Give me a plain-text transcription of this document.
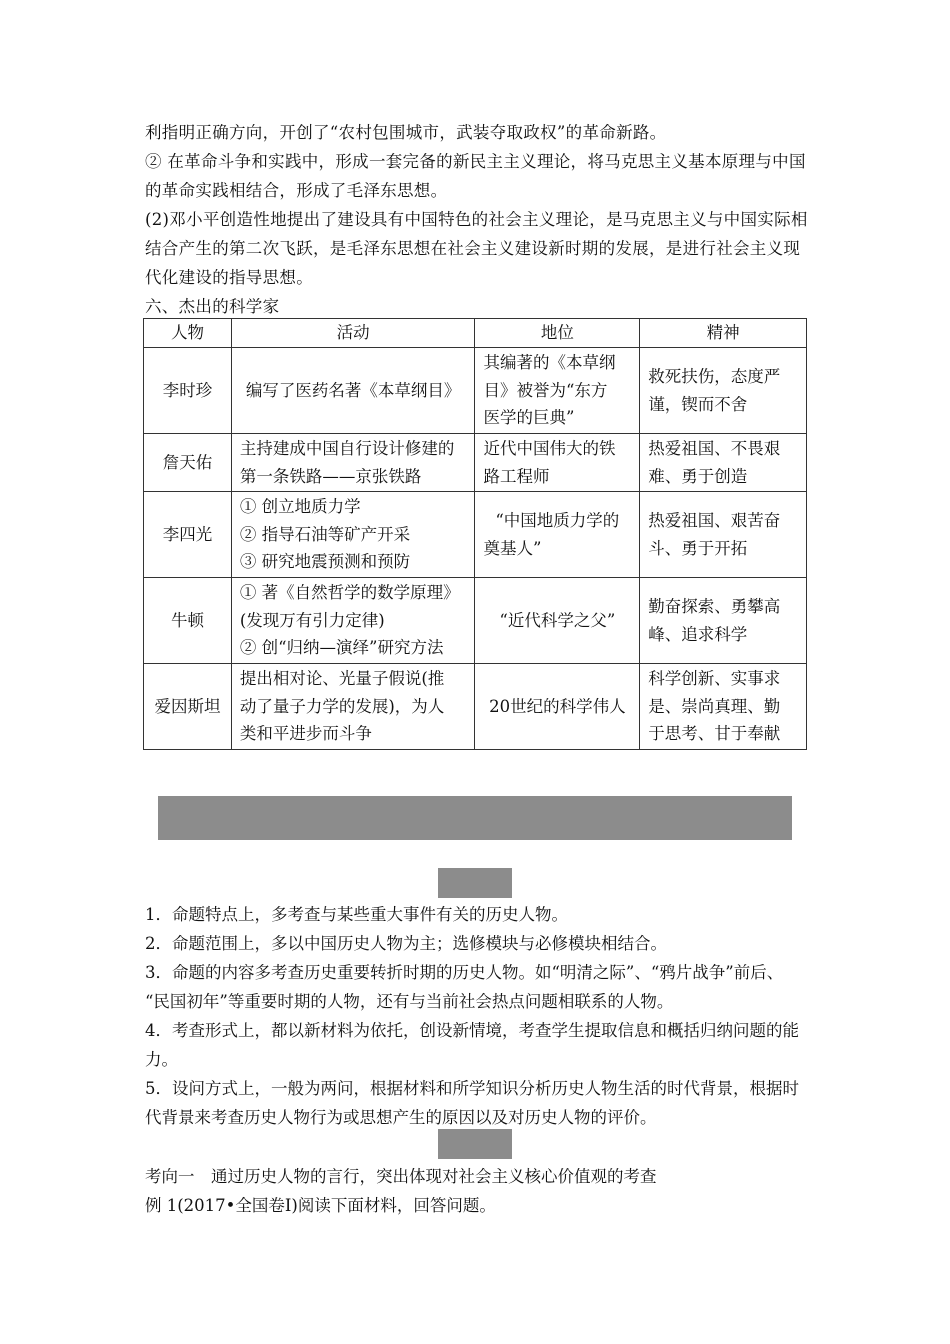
利指明正确方向，开创了“农村包围城市，武装夺取政权”的革命新路。
② 在革命斗争和实践中，形成一套完备的新民主主义理论，将马克思主义基本原理与中国
的革命实践相结合，形成了毛泽东思想。
(2)邓小平创造性地提出了建设具有中国特色的社会主义理论，是马克思主义与中国实际相
结合产生的第二次飞跃，是毛泽东思想在社会主义建设新时期的发展，是进行社会主义现
代化建设的指导思想。
六、杰出的科学家
人物	活动	地位	精神
李时珍	编写了医药名著《本草纲目》	其编著的《本草纲
目》被誉为“东方
医学的巨典”	救死扶伤，态度严
谨，锲而不舍

詹天佑	主持建成中国自行设计修建的
第一条铁路——京张铁路	近代中国伟大的铁
路工程师	热爱祖国、不畏艰
难、勇于创造

李四光	① 创立地质力学
② 指导石油等矿产开采
③ 研究地震预测和预防	“中国地质力学的
奠基人”	热爱祖国、艰苦奋
斗、勇于开拓

牛顿	① 著《自然哲学的数学原理》
(发现万有引力定律)
② 创“归纳—演绎”研究方法	“近代科学之父”	勤奋探索、勇攀高
峰、追求科学

爱因斯坦	提出相对论、光量子假说(推
动了量子力学的发展)，为人
类和平进步而斗争	20世纪的科学伟人	科学创新、实事求
是、崇尚真理、勤
于思考、甘于奉献
1．命题特点上，多考查与某些重大事件有关的历史人物。
2．命题范围上，多以中国历史人物为主；选修模块与必修模块相结合。
3．命题的内容多考查历史重要转折时期的历史人物。如“明清之际”、“鸦片战争”前后、
“民国初年”等重要时期的人物，还有与当前社会热点问题相联系的人物。
4．考查形式上，都以新材料为依托，创设新情境，考查学生提取信息和概括归纳问题的能
力。
5．设问方式上，一般为两问，根据材料和所学知识分析历史人物生活的时代背景，根据时
代背景来考查历史人物行为或思想产生的原因以及对历史人物的评价。
考向一　通过历史人物的言行，突出体现对社会主义核心价值观的考查
例 1(2017•全国卷Ⅰ)阅读下面材料，回答问题。
